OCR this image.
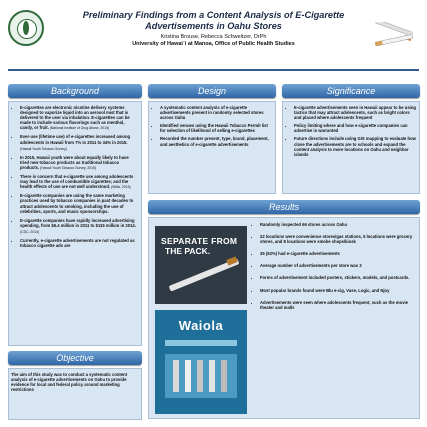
Preliminary Findings from a Content Analysis of E-Cigarette Advertisements in Oahu Stores
Kristina Brouse, Rebecca Schweitzer, DrPh
University of Hawai`i at Manoa, Office of Public Health Studies
Background
• E-cigarettes are electronic nicotine delivery systems designed to vaporize liquid into an aerosol mist that is delivered to the user via inhalation. E-cigarettes can be made to include various flavorings such as menthol, candy, or fruit. (National Institute of Drug Abuse, 2015)
• Ever-use (lifetime use) of e-cigarettes increased among adolescents in Hawaii from 7% in 2011 to 34% in 2015. (Hawaii Youth Tobacco Survey)
• In 2015, Hawaii youth were about equally likely to have tried new tobacco products as traditional tobacco products. (Hawaii Youth Tobacco Survey, 2015)
• There is concern that e-cigarette use among adolescents may lead to the use of combustible cigarettes; and the health effects of use are not well understood. (Willis, 2015)
• E-cigarette companies are using the same marketing practices used by tobacco companies in past decades to attract adolescents to smoking, including the use of celebrities, sports, and music sponsorships.
• E-cigarette companies have rapidly increased advertising spending, from $6.4 million in 2011 to $115 million in 2014. (CDC, 2014)
• Currently, e-cigarette advertisements are not regulated as tobacco cigarette ads are
Objective

The aim of this study was to conduct a systematic content analysis of e-cigarette advertisements on Oahu to provide evidence for local and federal policy around marketing restrictions

Design
• A systematic content analysis of e-cigarette advertisements present in randomly selected stores across Oahu
• Identified venues using the Hawaii Tobacco Permit list for selection of likelihood of selling e-cigarettes
• Recorded the number present, type, brand, placement, and aesthetics of e-cigarette advertisements
Significance
• E-cigarette advertisements seen in Hawaii appear to be using tactics that may attract adolescents, such as bright colors and placed where adolescents frequent
• Policy limiting where and how e-cigarette companies can advertise is warranted
• Future directions include using GIS mapping to evaluate how close the advertisements are to schools and expand the content analysis to more locations on Oahu and neighbor islands
Results
SEPARATE FROM
THE PACK.
Waiola
• Randomly inspected 66 stores across Oahu
• 22 locations were convenience stores/gas stations, 5 locations were grocery stores, and 8 locations were smoke shops/kiosk
• 35 (53%) had e-cigarette advertisements
• Average number of advertisements per store was 3
• Forms of advertisement included posters, stickers, models, and postcards.
• Most popular brands found were Blu e-cig, Vuse, Logic, and Njoy
• Advertisements were seen where adolescents frequent, such as the movie theater and malls
